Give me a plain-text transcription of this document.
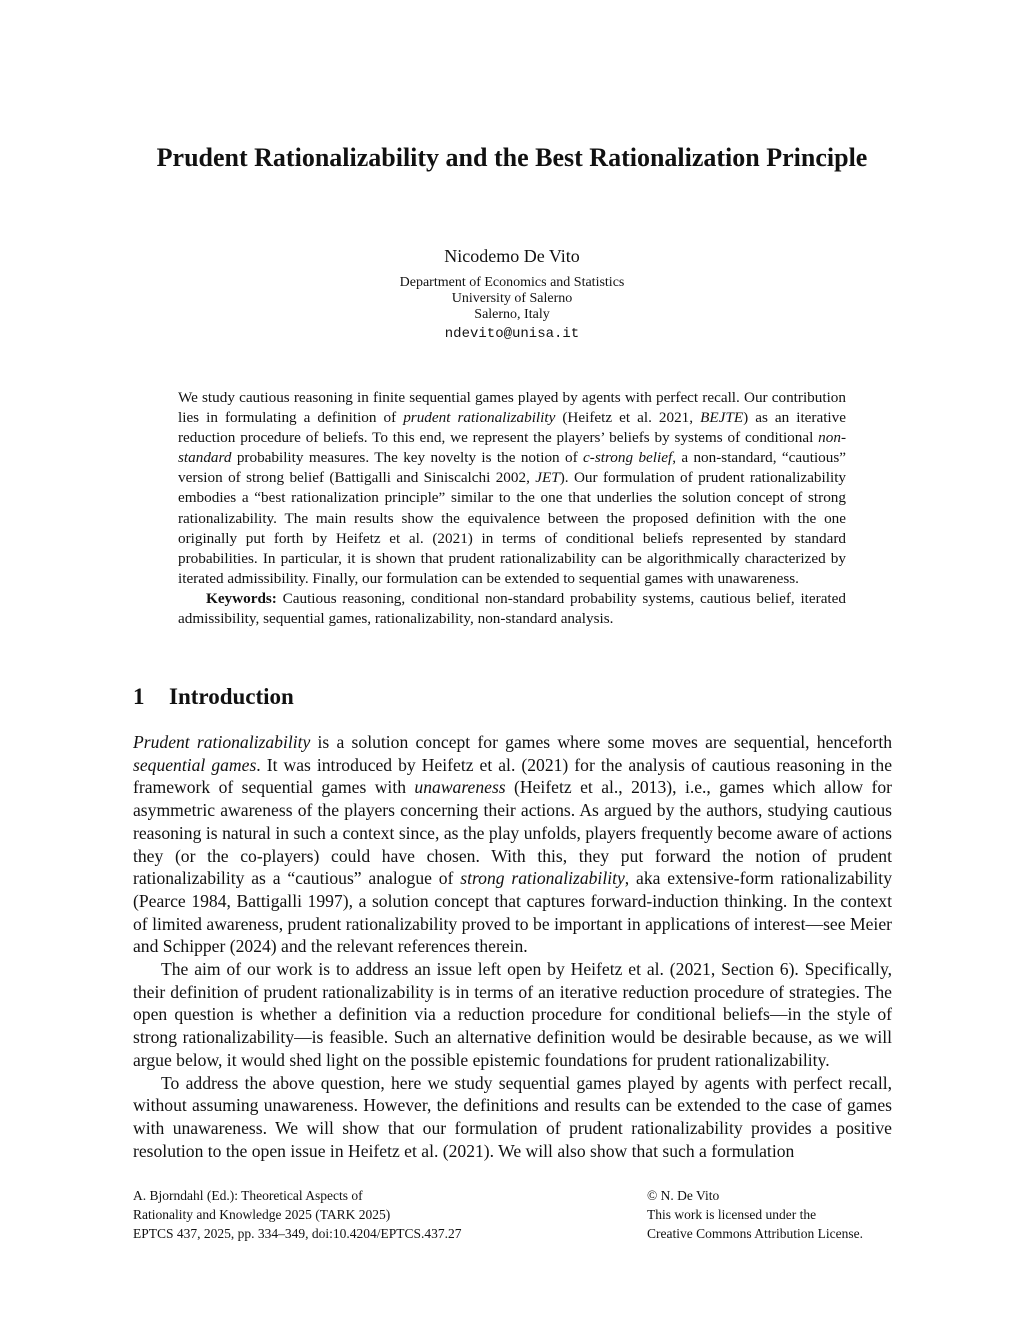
Prudent Rationalizability and the Best Rationalization Principle
Nicodemo De Vito
Department of Economics and Statistics
University of Salerno
Salerno, Italy
ndevito@unisa.it

We study cautious reasoning in finite sequential games played by agents with perfect recall. Our contribution lies in formulating a definition of prudent rationalizability (Heifetz et al. 2021, BEJTE) as an iterative reduction procedure of beliefs. To this end, we represent the players’ beliefs by systems of conditional non-standard probability measures. The key novelty is the notion of c-strong belief, a non-standard, “cautious” version of strong belief (Battigalli and Siniscalchi 2002, JET). Our formulation of prudent rationalizability embodies a “best rationalization principle” similar to the one that underlies the solution concept of strong rationalizability. The main results show the equivalence between the proposed definition with the one originally put forth by Heifetz et al. (2021) in terms of conditional beliefs represented by standard probabilities. In particular, it is shown that prudent rationalizability can be algorithmically characterized by iterated admissibility. Finally, our formulation can be extended to sequential games with unawareness.

Keywords: Cautious reasoning, conditional non-standard probability systems, cautious belief, iterated admissibility, sequential games, rationalizability, non-standard analysis.

1 Introduction

Prudent rationalizability is a solution concept for games where some moves are sequential, henceforth sequential games. It was introduced by Heifetz et al. (2021) for the analysis of cautious reasoning in the framework of sequential games with unawareness (Heifetz et al., 2013), i.e., games which allow for asymmetric awareness of the players concerning their actions. As argued by the authors, studying cautious reasoning is natural in such a context since, as the play unfolds, players frequently become aware of actions they (or the co-players) could have chosen. With this, they put forward the notion of prudent rationalizability as a “cautious” analogue of strong rationalizability, aka extensive-form rationalizability (Pearce 1984, Battigalli 1997), a solution concept that captures forward-induction thinking. In the context of limited awareness, prudent rationalizability proved to be important in applications of interest—see Meier and Schipper (2024) and the relevant references therein.

The aim of our work is to address an issue left open by Heifetz et al. (2021, Section 6). Specifically, their definition of prudent rationalizability is in terms of an iterative reduction procedure of strategies. The open question is whether a definition via a reduction procedure for conditional beliefs—in the style of strong rationalizability—is feasible. Such an alternative definition would be desirable because, as we will argue below, it would shed light on the possible epistemic foundations for prudent rationalizability.

To address the above question, here we study sequential games played by agents with perfect recall, without assuming unawareness. However, the definitions and results can be extended to the case of games with unawareness. We will show that our formulation of prudent rationalizability provides a positive resolution to the open issue in Heifetz et al. (2021). We will also show that such a formulation

A. Bjorndahl (Ed.): Theoretical Aspects of
Rationality and Knowledge 2025 (TARK 2025)
EPTCS 437, 2025, pp. 334–349, doi:10.4204/EPTCS.437.27
© N. De Vito
This work is licensed under the
Creative Commons Attribution License.
